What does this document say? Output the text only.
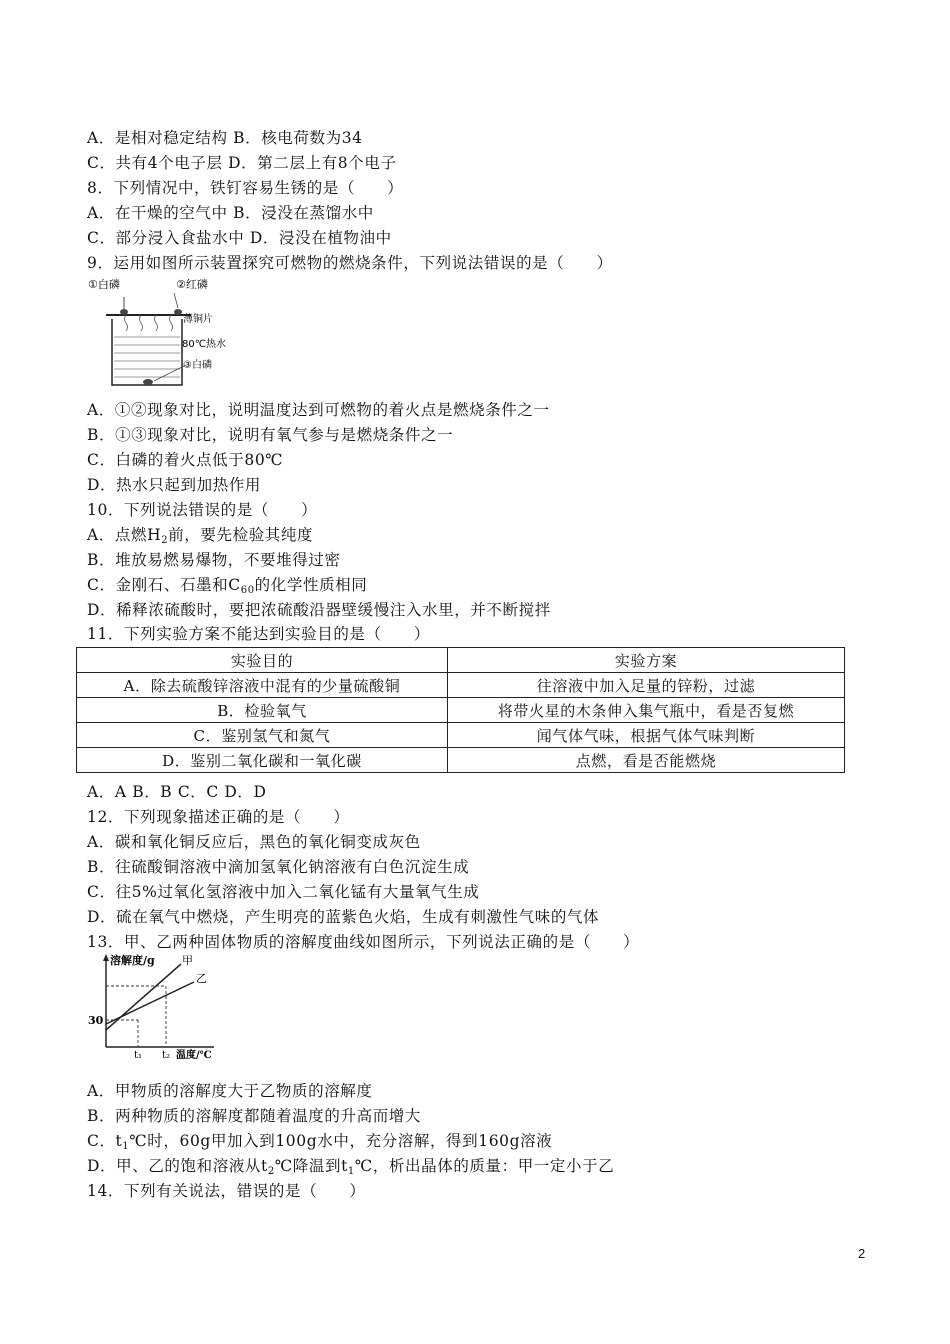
A．是相对稳定结构 B．核电荷数为34
C．共有4个电子层 D．第二层上有8个电子
8．下列情况中，铁钉容易生锈的是（　　）
A．在干燥的空气中 B．浸没在蒸馏水中
C．部分浸入食盐水中 D．浸没在植物油中
9．运用如图所示装置探究可燃物的燃烧条件，下列说法错误的是（　　）
①白磷	②红磷
薄铜片
80℃热水
③白磷
A．①②现象对比，说明温度达到可燃物的着火点是燃烧条件之一
B．①③现象对比，说明有氧气参与是燃烧条件之一
C．白磷的着火点低于80℃
D．热水只起到加热作用
10．下列说法错误的是（　　）
A．点燃$H_2$前，要先检验其纯度
B．堆放易燃易爆物，不要堆得过密
C．金刚石、石墨和$C_{60}$的化学性质相同
D．稀释浓硫酸时，要把浓硫酸沿器壁缓慢注入水里，并不断搅拌
11．下列实验方案不能达到实验目的是（　　）
实验目的	实验方案
A．除去硫酸锌溶液中混有的少量硫酸铜	往溶液中加入足量的锌粉，过滤
B．检验氧气	将带火星的木条伸入集气瓶中，看是否复燃
C．鉴别氢气和氮气	闻气体气味，根据气体气味判断
D．鉴别二氧化碳和一氧化碳	点燃，看是否能燃烧
A．A B．B C．C D．D
12．下列现象描述正确的是（　　）
A．碳和氧化铜反应后，黑色的氧化铜变成灰色
B．往硫酸铜溶液中滴加氢氧化钠溶液有白色沉淀生成
C．往5%过氧化氢溶液中加入二氧化锰有大量氧气生成
D．硫在氧气中燃烧，产生明亮的蓝紫色火焰，生成有刺激性气味的气体
13．甲、乙两种固体物质的溶解度曲线如图所示，下列说法正确的是（　　）
溶解度/g 甲
乙
30
t₁ t₂ 温度/℃
A．甲物质的溶解度大于乙物质的溶解度
B．两种物质的溶解度都随着温度的升高而增大
C．$t_1℃$时，60g甲加入到100g水中，充分溶解，得到160g溶液
D．甲、乙的饱和溶液从$t_2℃$降温到$t_1℃$，析出晶体的质量：甲一定小于乙
14．下列有关说法，错误的是（　　）
2
